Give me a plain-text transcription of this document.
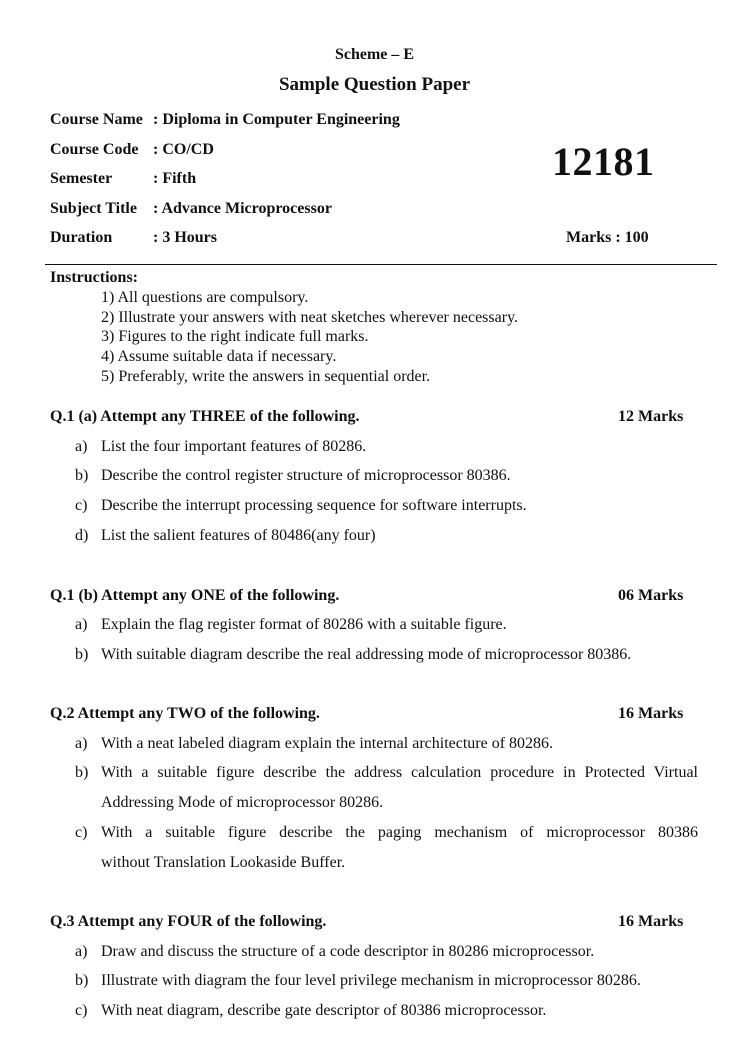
Scheme – E
Sample Question Paper
Course Name : Diploma in Computer Engineering
Course Code : CO/CD
Semester	: Fifth
Subject Title : Advance Microprocessor
Duration	: 3 Hours
12181
Marks : 100
Instructions:
1) All questions are compulsory.
2) Illustrate your answers with neat sketches wherever necessary.
3) Figures to the right indicate full marks.
4) Assume suitable data if necessary.
5) Preferably, write the answers in sequential order.
Q.1 (a) Attempt any THREE of the following.	12 Marks
a) List the four important features of 80286.
b) Describe the control register structure of microprocessor 80386.
c) Describe the interrupt processing sequence for software interrupts.
d) List the salient features of 80486(any four)
Q.1 (b) Attempt any ONE of the following.	06 Marks
a) Explain the flag register format of 80286 with a suitable figure.
b) With suitable diagram describe the real addressing mode of microprocessor 80386.
Q.2 Attempt any TWO of the following.	16 Marks
a) With a neat labeled diagram explain the internal architecture of 80286.
b) With a suitable figure describe the address calculation procedure in Protected Virtual
Addressing Mode of microprocessor 80286.
c) With a suitable figure describe the paging mechanism of microprocessor 80386
without Translation Lookaside Buffer.
Q.3 Attempt any FOUR of the following.	16 Marks
a) Draw and discuss the structure of a code descriptor in 80286 microprocessor.
b) Illustrate with diagram the four level privilege mechanism in microprocessor 80286.
c) With neat diagram, describe gate descriptor of 80386 microprocessor.
